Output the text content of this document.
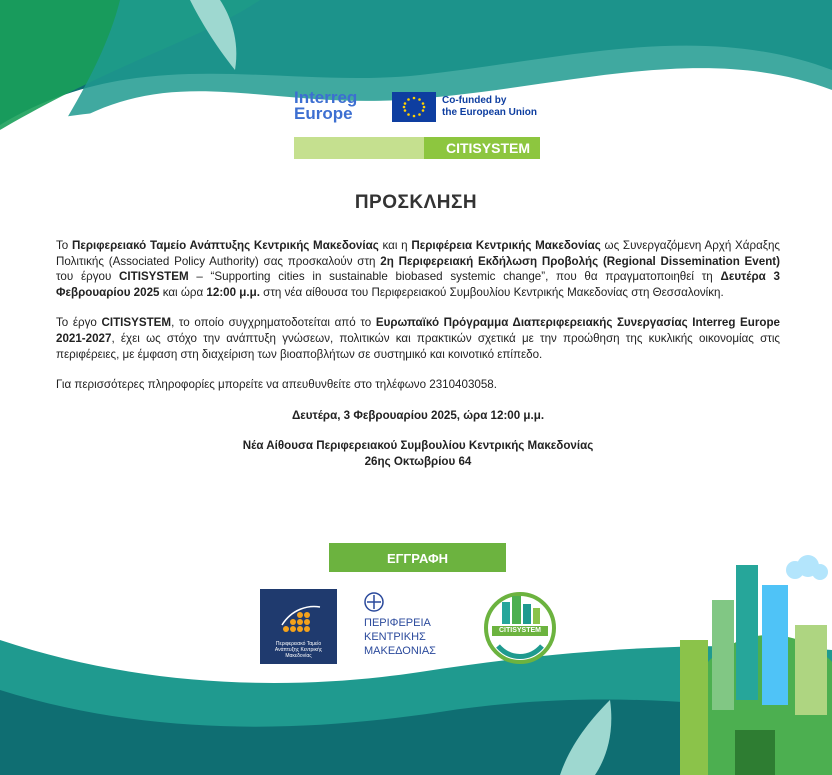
Interreg
Europe
Co-funded by
the European Union
CITISYSTEM
ΠΡΟΣΚΛΗΣΗ

Το Περιφερειακό Ταμείο Ανάπτυξης Κεντρικής Μακεδονίας και η Περιφέρεια Κεντρικής Μακεδονίας ως Συνεργαζόμενη Αρχή Χάραξης Πολιτικής (Associated Policy Authority) σας προσκαλούν στη 2η Περιφερειακή Εκδήλωση Προβολής (Regional Dissemination Event) του έργου CITISYSTEM – “Supporting cities in sustainable biobased systemic change”, που θα πραγματοποιηθεί τη Δευτέρα 3 Φεβρουαρίου 2025 και ώρα 12:00 μ.μ. στη νέα αίθουσα του Περιφερειακού Συμβουλίου Κεντρικής Μακεδονίας στη Θεσσαλονίκη.

Το έργο CITISYSTEM, το οποίο συγχρηματοδοτείται από το Ευρωπαϊκό Πρόγραμμα Διαπεριφερειακής Συνεργασίας Interreg Europe 2021-2027, έχει ως στόχο την ανάπτυξη γνώσεων, πολιτικών και πρακτικών σχετικά με την προώθηση της κυκλικής οικονομίας στις περιφέρειες, με έμφαση στη διαχείριση των βιοαποβλήτων σε συστημικό και κοινοτικό επίπεδο.

Για περισσότερες πληροφορίες μπορείτε να απευθυνθείτε στο τηλέφωνο 2310403058.

Δευτέρα, 3 Φεβρουαρίου 2025, ώρα 12:00 μ.μ.

Νέα Αίθουσα Περιφερειακού Συμβουλίου Κεντρικής Μακεδονίας
26ης Οκτωβρίου 64
ΕΓΓΡΑΦΗ
Περιφερειακό Ταμείο Ανάπτυξης Κεντρικής Μακεδονίας
ΠΕΡΙΦΕΡΕΙΑ
ΚΕΝΤΡΙΚΗΣ
ΜΑΚΕΔΟΝΙΑΣ
CITISYSTEM
